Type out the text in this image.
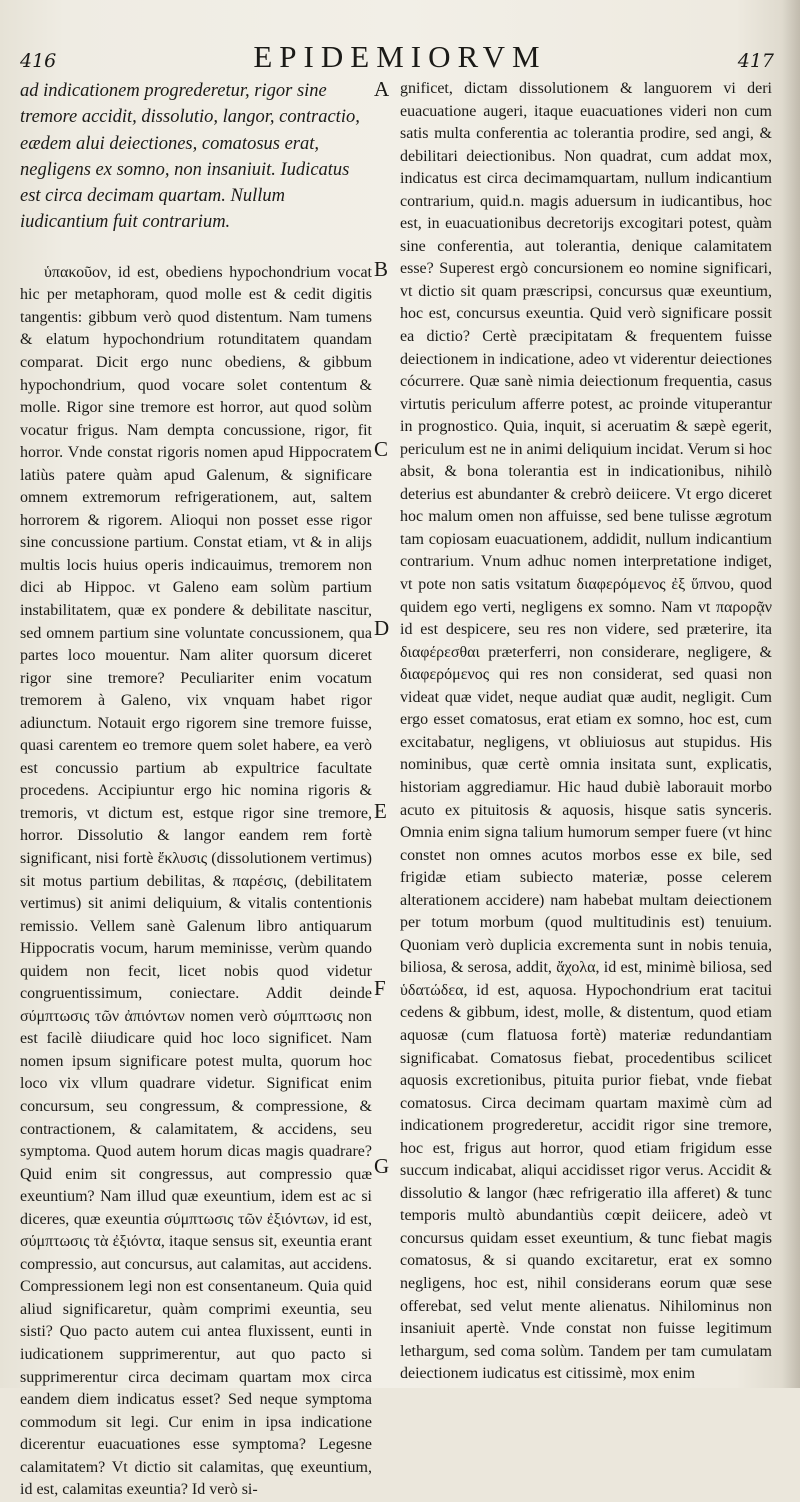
416	EPIDEMIORVM	417

ad indicationem progrederetur, rigor sine tremore accidit, dissolutio, langor, contractio, eædem alui deiectiones, comatosus erat, negligens ex somno, non insaniuit. Iudicatus est circa decimam quartam. Nullum iudicantium fuit contrarium.

ὑπακοῦον, id est, obediens hypochondrium vocat hic per metaphoram, quod molle est & cedit digitis tangentis: gibbum verò quod distentum. Nam tumens & elatum hypochondrium rotunditatem quandam comparat. Dicit ergo nunc obediens, & gibbum hypochondrium, quod vocare solet contentum & molle. Rigor sine tremore est horror, aut quod solùm vocatur frigus. Nam dempta concussione, rigor, fit horror. Vnde constat rigoris nomen apud Hippocratem latiùs patere quàm apud Galenum, & significare omnem extremorum refrigerationem, aut, saltem horrorem & rigorem. Alioqui non posset esse rigor sine concussione partium. Constat etiam, vt & in alijs multis locis huius operis indicauimus, tremorem non dici ab Hippoc. vt Galeno eam solùm partium instabilitatem, quæ ex pondere & debilitate nascitur, sed omnem partium sine voluntate concussionem, qua partes loco mouentur. Nam aliter quorsum diceret rigor sine tremore? Peculiariter enim vocatum tremorem à Galeno, vix vnquam habet rigor adiunctum. Notauit ergo rigorem sine tremore fuisse, quasi carentem eo tremore quem solet habere, ea verò est concussio partium ab expultrice facultate procedens. Accipiuntur ergo hic nomina rigoris & tremoris, vt dictum est, estque rigor sine tremore, horror. Dissolutio & langor eandem rem fortè significant, nisi fortè ἔκλυσις (dissolutionem vertimus) sit motus partium debilitas, & παρέσις, (debilitatem vertimus) sit animi deliquium, & vitalis contentionis remissio. Vellem sanè Galenum libro antiquarum Hippocratis vocum, harum meminisse, verùm quando quidem non fecit, licet nobis quod videtur congruentissimum, coniectare. Addit deinde σύμπτωσις τῶν ἀπιόντων nomen verò σύμπτωσις non est facilè diiudicare quid hoc loco significet. Nam nomen ipsum significare potest multa, quorum hoc loco vix vllum quadrare videtur. Significat enim concursum, seu congressum, & compressione, & contractionem, & calamitatem, & accidens, seu symptoma. Quod autem horum dicas magis quadrare? Quid enim sit congressus, aut compressio quæ exeuntium? Nam illud quæ exeuntium, idem est ac si diceres, quæ exeuntia σύμπτωσις τῶν ἐξιόντων, id est, σύμπτωσις τὰ ἐξιόντα, itaque sensus sit, exeuntia erant compressio, aut concursus, aut calamitas, aut accidens. Compressionem legi non est consentaneum. Quia quid aliud significaretur, quàm comprimi exeuntia, seu sisti? Quo pacto autem cui antea fluxissent, eunti in iudicationem supprimerentur, aut quo pacto si supprimerentur circa decimam quartam mox circa eandem diem indicatus esset? Sed neque symptoma commodum sit legi. Cur enim in ipsa indicatione dicerentur euacuationes esse symptoma? Legesne calamitatem? Vt dictio sit calamitas, quę exeuntium, id est, calamitas exeuntia? Id verò si-

A
B
C
D
E
F
G

gnificet, dictam dissolutionem & languorem vi deri euacuatione augeri, itaque euacuationes videri non cum satis multa conferentia ac tolerantia prodire, sed angi, & debilitari deiectionibus. Non quadrat, cum addat mox, indicatus est circa decimamquartam, nullum indicantium contrarium, quid.n. magis aduersum in iudicantibus, hoc est, in euacuationibus decretorijs excogitari potest, quàm sine conferentia, aut tolerantia, denique calamitatem esse? Superest ergò concursionem eo nomine significari, vt dictio sit quam præscripsi, concursus quæ exeuntium, hoc est, concursus exeuntia. Quid verò significare possit ea dictio? Certè præcipitatam & frequentem fuisse deiectionem in indicatione, adeo vt viderentur deiectiones cócurrere. Quæ sanè nimia deiectionum frequentia, casus virtutis periculum afferre potest, ac proinde vituperantur in prognostico. Quia, inquit, si aceruatim & sæpè egerit, periculum est ne in animi deliquium incidat. Verum si hoc absit, & bona tolerantia est in indicationibus, nihilò deterius est abundanter & crebrò deiicere. Vt ergo diceret hoc malum omen non affuisse, sed bene tulisse ægrotum tam copiosam euacuationem, addidit, nullum indicantium contrarium. Vnum adhuc nomen interpretatione indiget, vt pote non satis vsitatum διαφερόμενος ἐξ ὕπνου, quod quidem ego verti, negligens ex somno. Nam vt παρορᾷν id est despicere, seu res non videre, sed præterire, ita διαφέρεσθαι præterferri, non considerare, negligere, & διαφερόμενος qui res non considerat, sed quasi non videat quæ videt, neque audiat quæ audit, negligit. Cum ergo esset comatosus, erat etiam ex somno, hoc est, cum excitabatur, negligens, vt obliuiosus aut stupidus. His nominibus, quæ certè omnia insitata sunt, explicatis, historiam aggrediamur. Hic haud dubiè laborauit morbo acuto ex pituitosis & aquosis, hisque satis synceris. Omnia enim signa talium humorum semper fuere (vt hinc constet non omnes acutos morbos esse ex bile, sed frigidæ etiam subiecto materiæ, posse celerem alterationem accidere) nam habebat multam deiectionem per totum morbum (quod multitudinis est) tenuium. Quoniam verò duplicia excrementa sunt in nobis tenuia, biliosa, & serosa, addit, ἄχολα, id est, minimè biliosa, sed ὑδατώδεα, id est, aquosa. Hypochondrium erat tacitui cedens & gibbum, idest, molle, & distentum, quod etiam aquosæ (cum flatuosa fortè) materiæ redundantiam significabat. Comatosus fiebat, procedentibus scilicet aquosis excretionibus, pituita purior fiebat, vnde fiebat comatosus. Circa decimam quartam maximè cùm ad indicationem progrederetur, accidit rigor sine tremore, hoc est, frigus aut horror, quod etiam frigidum esse succum indicabat, aliqui accidisset rigor verus. Accidit & dissolutio & langor (hæc refrigeratio illa afferet) & tunc temporis multò abundantiùs cœpit deiicere, adeò vt concursus quidam esset exeuntium, & tunc fiebat magis comatosus, & si quando excitaretur, erat ex somno negligens, hoc est, nihil considerans eorum quæ sese offerebat, sed velut mente alienatus. Nihilominus non insaniuit apertè. Vnde constat non fuisse legitimum lethargum, sed coma solùm. Tandem per tam cumulatam deiectionem iudicatus est citissimè, mox enim
